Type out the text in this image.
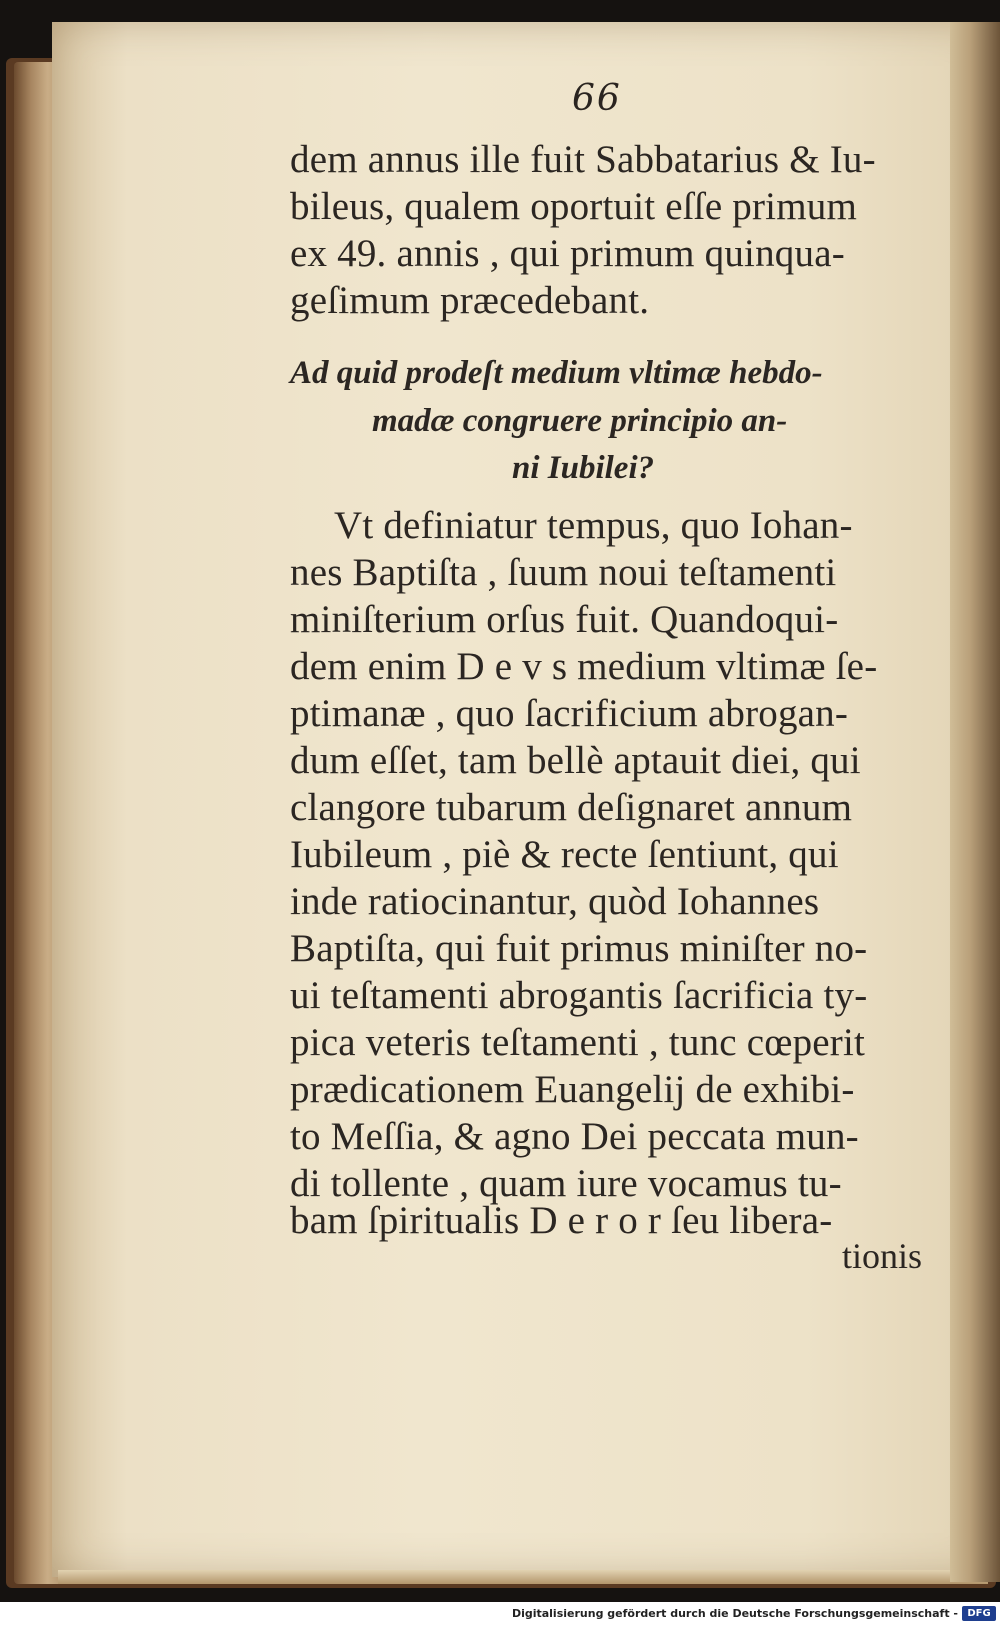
66
dem annus ille fuit Sabbatarius & Iu-
bileus, qualem oportuit eſſe primum
ex 49. annis , qui primum quinqua-
geſimum præcedebant.
Ad quid prodeſt medium vltimæ hebdo-
madæ congruere principio an-
ni Iubilei?
Vt definiatur tempus, quo Iohan-
nes Baptiſta , ſuum noui teſtamenti
miniſterium orſus fuit. Quandoqui-
dem enim D e v s medium vltimæ ſe-
ptimanæ , quo ſacrificium abrogan-
dum eſſet, tam bellè aptauit diei, qui
clangore tubarum deſignaret annum
Iubileum , piè & recte ſentiunt, qui
inde ratiocinantur, quòd Iohannes
Baptiſta, qui fuit primus miniſter no-
ui teſtamenti abrogantis ſacrificia ty-
pica veteris teſtamenti , tunc cœperit
prædicationem Euangelij de exhibi-
to Meſſia, & agno Dei peccata mun-
di tollente , quam iure vocamus tu-
bam ſpiritualis D e r o r ſeu libera-
tionis
Digitalisierung gefördert durch die Deutsche Forschungsgemeinschaft - DFG
